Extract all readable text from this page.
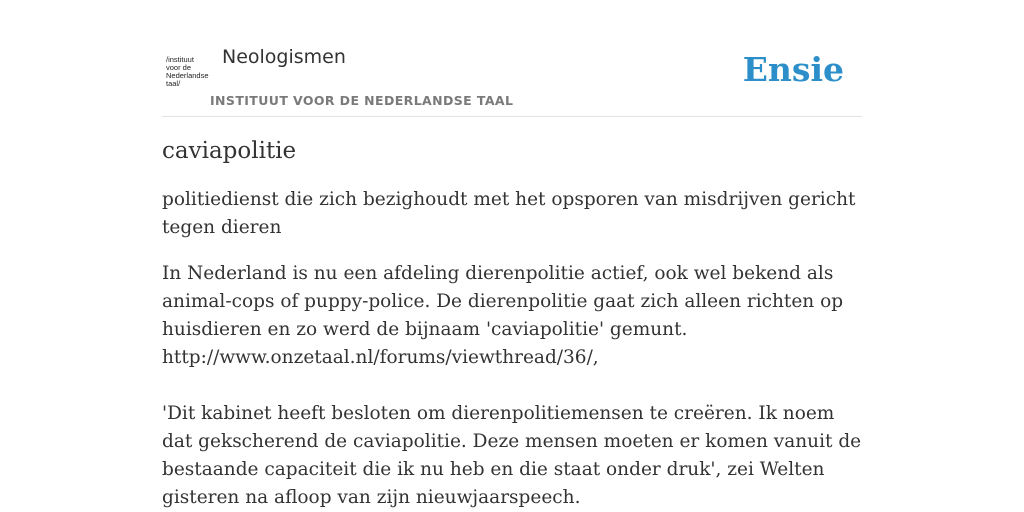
/instituut
voor de
Nederlandse
taal/
Neologismen
INSTITUUT VOOR DE NEDERLANDSE TAAL
Ensie
caviapolitie
politiedienst die zich bezighoudt met het opsporen van misdrijven gericht tegen dieren

In Nederland is nu een afdeling dierenpolitie actief, ook wel bekend als animal-cops of puppy-police. De dierenpolitie gaat zich alleen richten op huisdieren en zo werd de bijnaam 'caviapolitie' gemunt.

http://www.onzetaal.nl/forums/viewthread/36/,

'Dit kabinet heeft besloten om dierenpolitiemensen te creëren. Ik noem dat gekscherend de caviapolitie. Deze mensen moeten er komen vanuit de bestaande capaciteit die ik nu heb en die staat onder druk', zei Welten gisteren na afloop van zijn nieuwjaarspeech.
